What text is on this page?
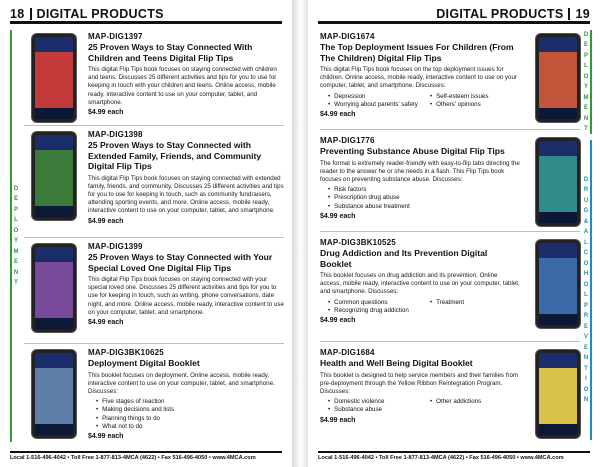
18 DIGITAL PRODUCTS
D
E
P
L
O
Y
M
E
N
T
MAP-DIG1397
25 Proven Ways to Stay Connected With Children and Teens Digital Flip Tips
This digital Flip Tips book focuses on staying connected with children and teens. Discusses 25 different activities and tips for you to use for keeping in touch with your children and teens. Online access, mobile ready, interactive content to use on your computer, tablet, and smartphone.
$4.99 each
MAP-DIG1398
25 Proven Ways to Stay Connected with Extended Family, Friends, and Community Digital Flip Tips
This digital Flip Tips book focuses on staying connected with extended family, friends, and community. Discusses 25 different activities and tips for you to use for keeping in touch, such as community fundraisers, attending sporting events, and more. Online access, mobile ready, interactive content to use on your computer, tablet, and smartphone.
$4.99 each
MAP-DIG1399
25 Proven Ways to Stay Connected with Your Special Loved One Digital Flip Tips
This digital Flip Tips book focuses on staying connected with your special loved one. Discusses 25 different activities and tips for you to use for keeping in touch, such as writing, phone conversations, date night, and more. Online access, mobile ready, interactive content to use on your computer, tablet, and smartphone.
$4.99 each
MAP-DIG3BK10625
Deployment Digital Booklet
This booklet focuses on deployment. Online access, mobile ready, interactive content to use on your computer, tablet, and smartphone. Discusses:
• Five stages of reaction
• Making decisions and lists
• Planning things to do
• What not to do
$4.99 each
Local 1-516-496-4042 • Toll Free 1-877-813-4MCA (4622) • Fax 516-496-4050 • www.4MCA.com
DIGITAL PRODUCTS 19
D
E
P
L
O
Y
M
E
N
T
D
R
U
G
&
A
L
C
O
H
O
L
P
R
E
V
E
N
T
I
O
N
MAP-DIG1674
The Top Deployment Issues For Children (From The Children) Digital Flip Tips
This digital Flip Tips book focuses on the top deployment issues for children. Online access, mobile ready, interactive content to use on your computer, tablet, and smartphone. Discusses:
• Depression
• Worrying about parents' safety
• Self-esteem issues
• Others' opinions
$4.99 each
MAP-DIG1776
Preventing Substance Abuse Digital Flip Tips
The format is extremely reader-friendly with easy-to-flip tabs directing the reader to the answer he or she needs in a flash. This Flip Tips book focuses on preventing substance abuse. Discusses:
• Risk factors
• Prescription drug abuse
• Substance abuse treatment
$4.99 each
MAP-DIG3BK10525
Drug Addiction and Its Prevention Digital Booklet
This booklet focuses on drug addiction and its prevention. Online access, mobile ready, interactive content to use on your computer, tablet, and smartphone. Discusses:
• Common questions
• Recognizing drug addiction
• Treatment
$4.99 each
MAP-DIG1684
Health and Well Being Digital Booklet
This booklet is designed to help service members and their families from pre-deployment through the Yellow Ribbon Reintegration Program. Discusses:
• Domestic violence
• Substance abuse
• Other addictions
$4.99 each
Local 1-516-496-4042 • Toll Free 1-877-813-4MCA (4622) • Fax 516-496-4050 • www.4MCA.com
